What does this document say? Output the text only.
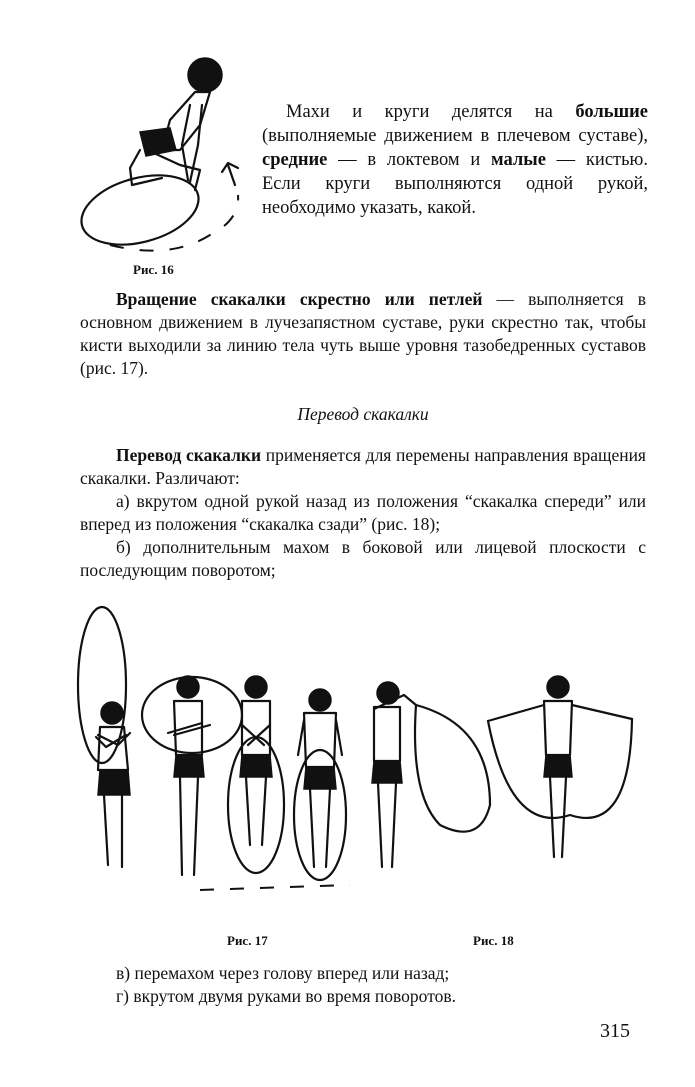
Рис. 16

Махи и круги делятся на большие (выполняемые движением в плечевом суставе), средние — в локтевом и малые — кистью. Если круги выполняются одной рукой, необходимо указать, какой.

Вращение скакалки скрестно или петлей — выполняется в основном движением в лучезапястном суставе, руки скрестно так, чтобы кисти выходили за линию тела чуть выше уровня тазобедренных суставов (рис. 17).

Перевод скакалки

Перевод скакалки применяется для перемены направления вращения скакалки. Различают:

а) вкрутом одной рукой назад из положения “скакалка спереди” или вперед из положения “скакалка сзади” (рис. 18);

б) дополнительным махом в боковой или лицевой плоскости с последующим поворотом;

Рис. 17	Рис. 18

в) перемахом через голову вперед или назад;

г) вкрутом двумя руками во время поворотов.

315
